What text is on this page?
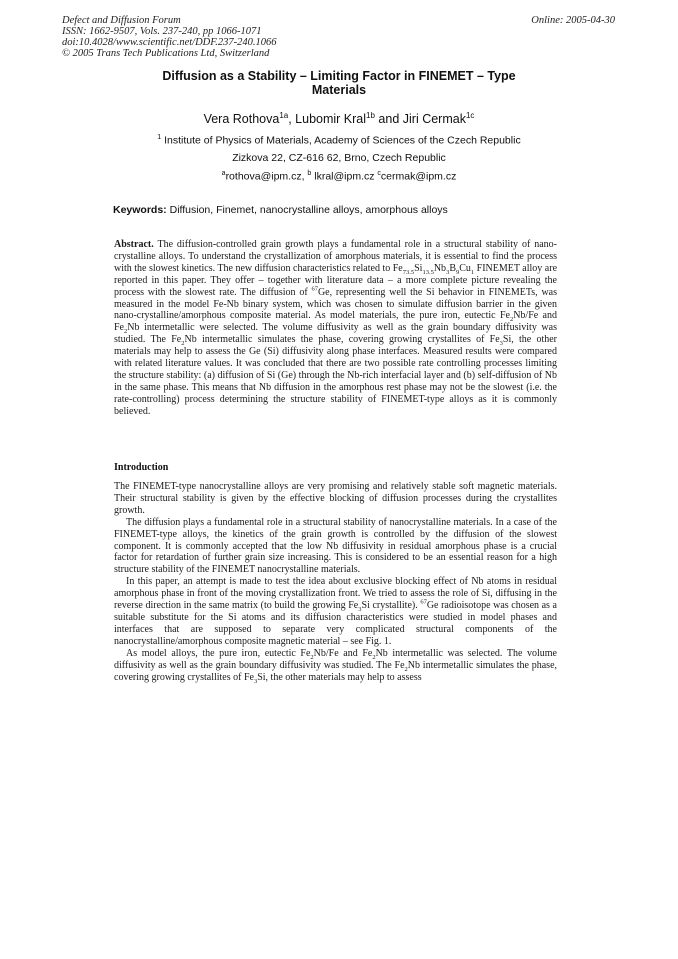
Defect and Diffusion Forum
ISSN: 1662-9507, Vols. 237-240, pp 1066-1071
doi:10.4028/www.scientific.net/DDF.237-240.1066
© 2005 Trans Tech Publications Ltd, Switzerland
Online: 2005-04-30
Diffusion as a Stability – Limiting Factor in FINEMET – Type
Materials
Vera Rothova$^{1a}$, Lubomir Kral$^{1b}$ and Jiri Cermak$^{1c}$
$^1$ Institute of Physics of Materials, Academy of Sciences of the Czech Republic
Zizkova 22, CZ-616 62, Brno, Czech Republic
$^a$rothova@ipm.cz, $^b$ lkral@ipm.cz $^c$cermak@ipm.cz
Keywords: Diffusion, Finemet, nanocrystalline alloys, amorphous alloys

Abstract. The diffusion-controlled grain growth plays a fundamental role in a structural stability of nano-crystalline alloys. To understand the crystallization of amorphous materials, it is essential to find the process with the slowest kinetics. The new diffusion characteristics related to $Fe_{73.5}Si_{13.5}Nb_3B_9Cu_1$ FINEMET alloy are reported in this paper. They offer – together with literature data – a more complete picture revealing the process with the slowest rate. The diffusion of $^{67}$Ge, representing well the Si behavior in FINEMETs, was measured in the model Fe-Nb binary system, which was chosen to simulate diffusion barrier in the given nano-crystalline/amorphous composite material. As model materials, the pure iron, eutectic $Fe_2Nb/Fe$ and $Fe_2Nb$ intermetallic were selected. The volume diffusivity as well as the grain boundary diffusivity was studied. The $Fe_2Nb$ intermetallic simulates the phase, covering growing crystallites of $Fe_3Si$, the other materials may help to assess the Ge (Si) diffusivity along phase interfaces. Measured results were compared with related literature values. It was concluded that there are two possible rate controlling processes limiting the structure stability: (a) diffusion of Si (Ge) through the Nb-rich interfacial layer and (b) self-diffusion of Nb in the same phase. This means that Nb diffusion in the amorphous rest phase may not be the slowest (i.e. the rate-controlling) process determining the structure stability of FINEMET-type alloys as it is commonly believed.

Introduction

The FINEMET-type nanocrystalline alloys are very promising and relatively stable soft magnetic materials. Their structural stability is given by the effective blocking of diffusion processes during the crystallites growth.

The diffusion plays a fundamental role in a structural stability of nanocrystalline materials. In a case of the FINEMET-type alloys, the kinetics of the grain growth is controlled by the diffusion of the slowest component. It is commonly accepted that the low Nb diffusivity in residual amorphous phase is a crucial factor for retardation of further grain size increasing. This is considered to be an essential reason for a high structure stability of the FINEMET nanocrystalline materials.

In this paper, an attempt is made to test the idea about exclusive blocking effect of Nb atoms in residual amorphous phase in front of the moving crystallization front. We tried to assess the role of Si, diffusing in the reverse direction in the same matrix (to build the growing $Fe_3Si$ crystallite). $^{67}$Ge radioisotope was chosen as a suitable substitute for the Si atoms and its diffusion characteristics were studied in model phases and interfaces that are supposed to separate very complicated structural components of the nanocrystalline/amorphous composite magnetic material – see Fig. 1.

As model alloys, the pure iron, eutectic $Fe_2Nb/Fe$ and $Fe_2Nb$ intermetallic was selected. The volume diffusivity as well as the grain boundary diffusivity was studied. The $Fe_2Nb$ intermetallic simulates the phase, covering growing crystallites of $Fe_3Si$, the other materials may help to assess
